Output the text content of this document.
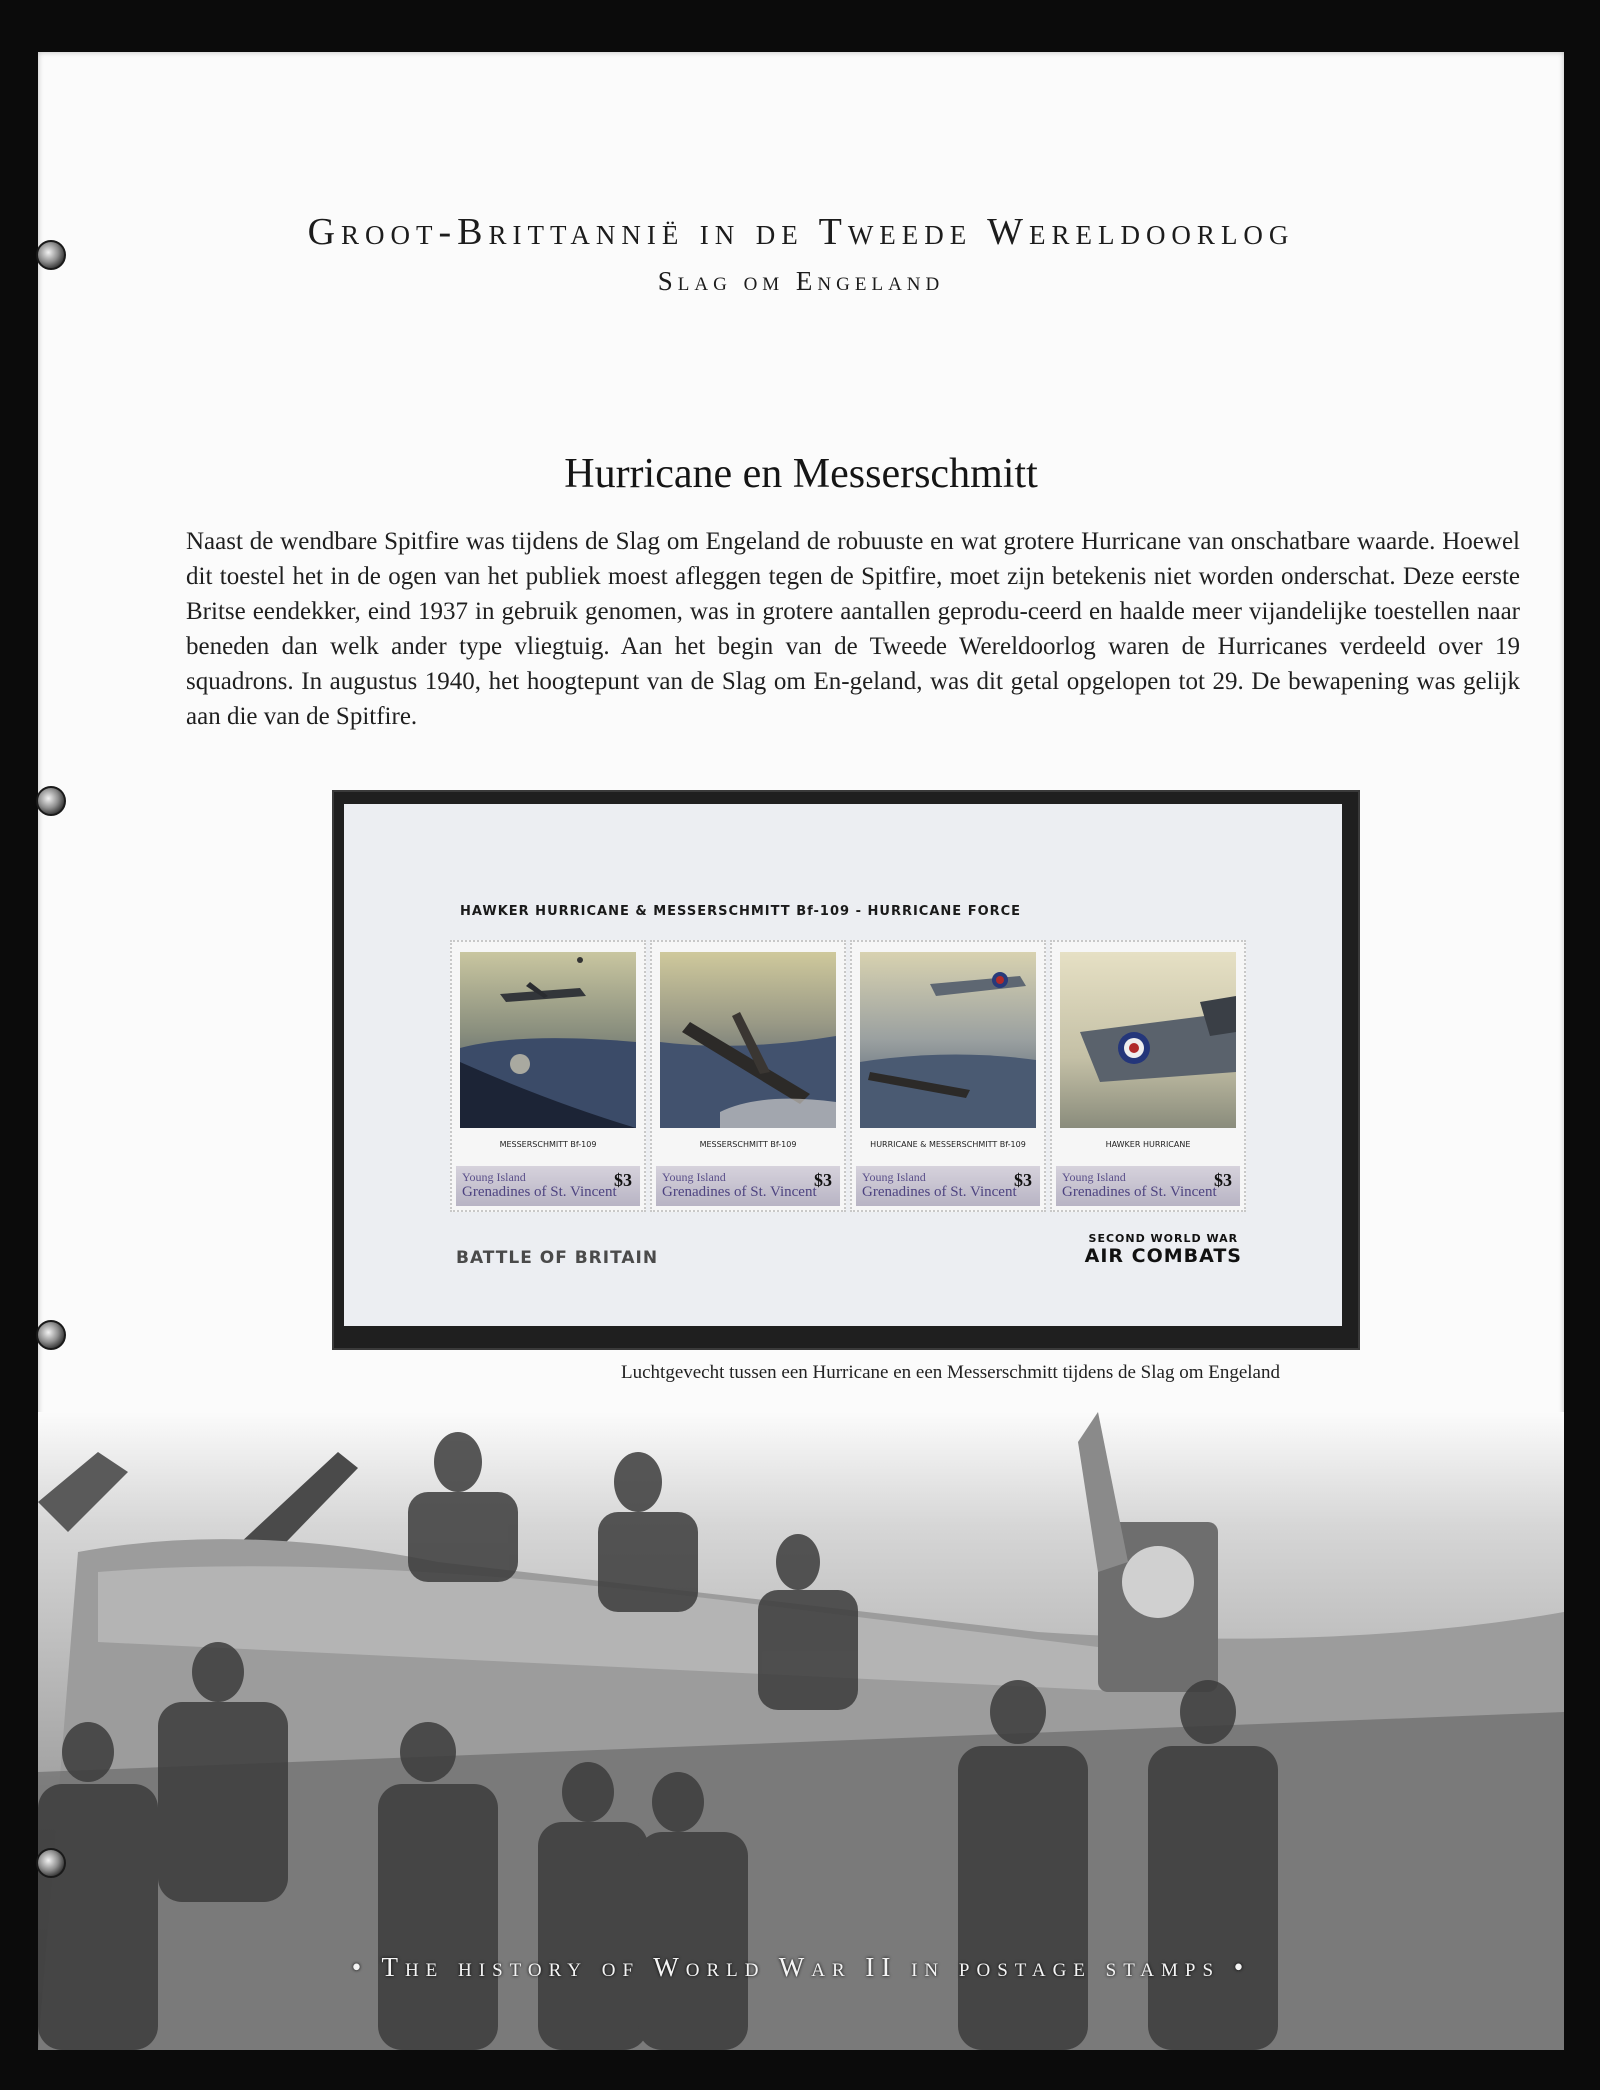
Groot-Brittannië in de Tweede Wereldoorlog
Slag om Engeland
Hurricane en Messerschmitt
Naast de wendbare Spitfire was tijdens de Slag om Engeland de robuuste en wat grotere Hurricane van onschatbare waarde. Hoewel dit toestel het in de ogen van het publiek moest afleggen tegen de Spitfire, moet zijn betekenis niet worden onderschat. Deze eerste Britse eendekker, eind 1937 in gebruik genomen, was in grotere aantallen geprodu-ceerd en haalde meer vijandelijke toestellen naar beneden dan welk ander type vliegtuig. Aan het begin van de Tweede Wereldoorlog waren de Hurricanes verdeeld over 19 squadrons. In augustus 1940, het hoogtepunt van de Slag om En-geland, was dit getal opgelopen tot 29. De bewapening was gelijk aan die van de Spitfire.
HAWKER HURRICANE & MESSERSCHMITT Bf-109 - HURRICANE FORCE
MESSERSCHMITT Bf-109
Young Island	$3
Grenadines of St. Vincent
MESSERSCHMITT Bf-109
Young Island	$3
Grenadines of St. Vincent
HURRICANE & MESSERSCHMITT Bf-109
Young Island	$3
Grenadines of St. Vincent
HAWKER HURRICANE
Young Island	$3
Grenadines of St. Vincent
BATTLE OF BRITAIN
SECOND WORLD WAR
AIR COMBATS
Luchtgevecht tussen een Hurricane en een Messerschmitt tijdens de Slag om Engeland
• The history of World War II in postage stamps •
